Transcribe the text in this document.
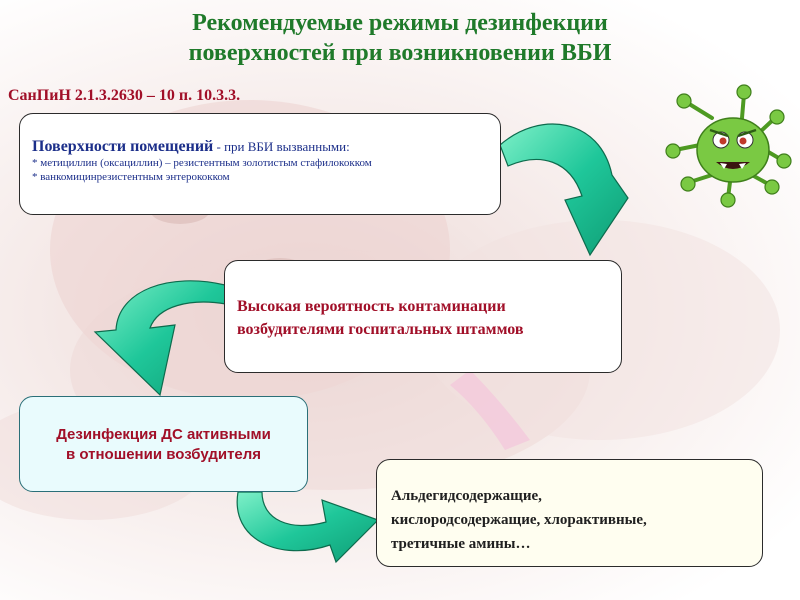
Рекомендуемые режимы дезинфекции
поверхностей при возникновении ВБИ
СанПиН 2.1.3.2630 – 10 п. 10.3.3.
Поверхности помещений - при ВБИ вызванными:
* метициллин (оксациллин) – резистентным золотистым стафилококком
* ванкомицинрезистентным энтерококком
Высокая вероятность контаминации
возбудителями госпитальных штаммов
Дезинфекция ДС активными
в отношении возбудителя
Альдегидсодержащие,
кислородсодержащие, хлорактивные,
третичные амины…
